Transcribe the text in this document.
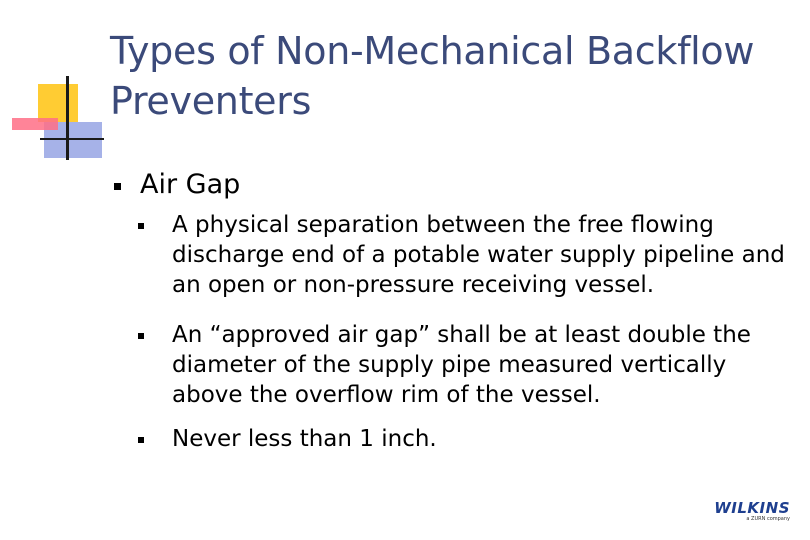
Types of Non-Mechanical Backflow Preventers
Air Gap
A physical separation between the free flowing discharge end of a potable water supply pipeline and an open or non-pressure receiving vessel.
An “approved air gap” shall be at least double the diameter of the supply pipe measured vertically above the overflow rim of the vessel.
Never less than 1 inch.
WILKINS
a ZURN company
